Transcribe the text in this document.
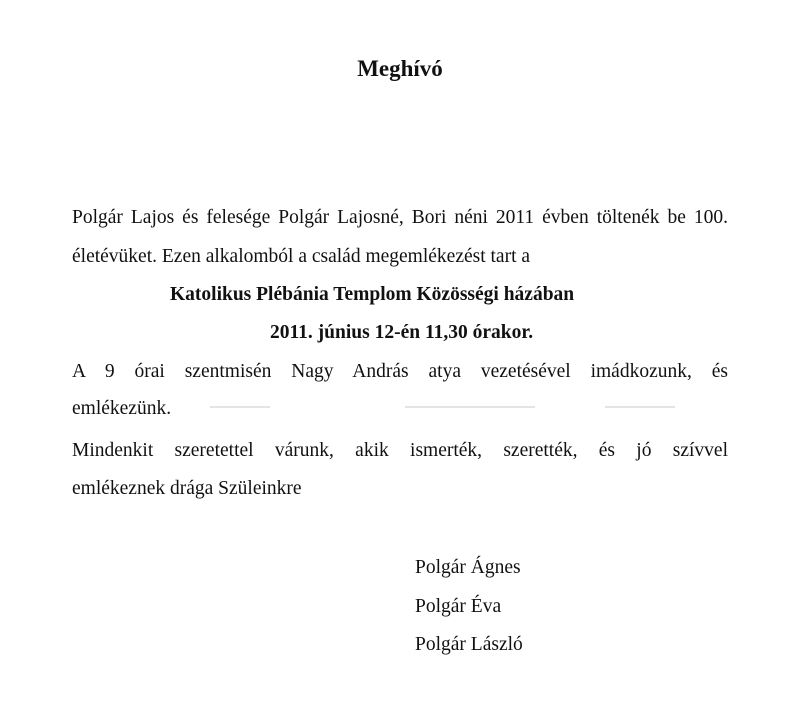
Meghívó
Polgár Lajos és felesége Polgár Lajosné, Bori néni 2011 évben töltenék be 100. életévüket. Ezen alkalomból a család megemlékezést tart a
Katolikus Plébánia Templom Közösségi házában
2011. június 12-én 11,30 órakor.
A 9 órai szentmisén Nagy András atya vezetésével imádkozunk, és
emlékezünk.
Mindenkit szeretettel várunk, akik ismerték, szerették, és jó szívvel
emlékeznek drága Szüleinkre
Polgár Ágnes
Polgár Éva
Polgár László
